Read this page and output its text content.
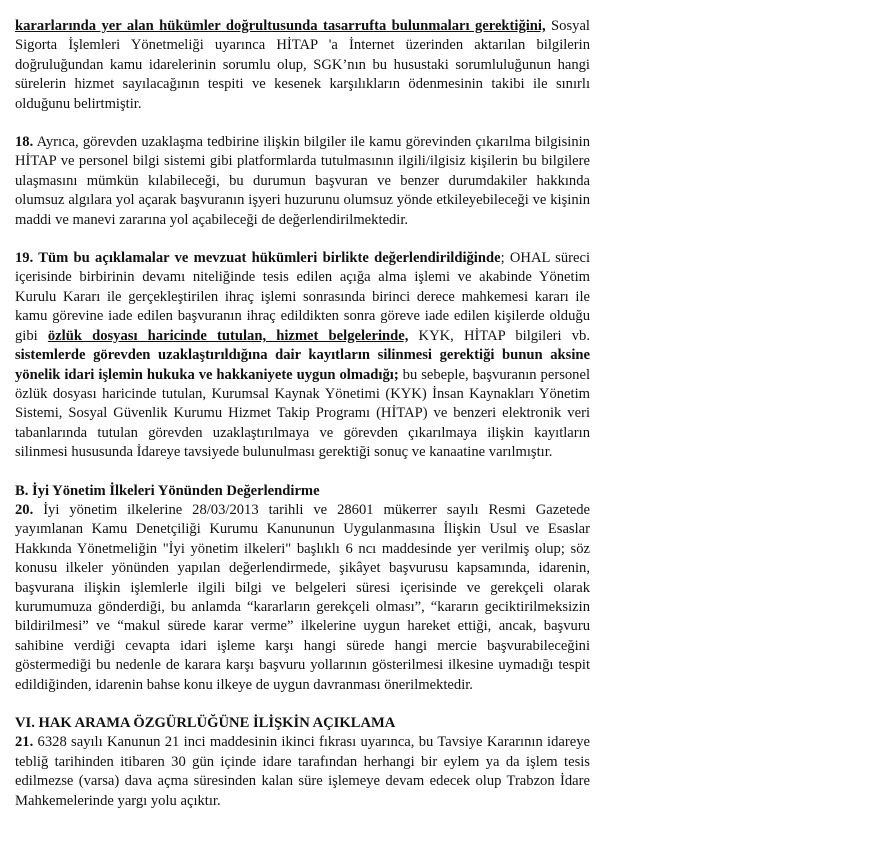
kararlarında yer alan hükümler doğrultusunda tasarrufta bulunmaları gerektiğini, Sosyal Sigorta İşlemleri Yönetmeliği uyarınca HİTAP 'a İnternet üzerinden aktarılan bilgilerin doğruluğundan kamu idarelerinin sorumlu olup, SGK’nın bu husustaki sorumluluğunun hangi sürelerin hizmet sayılacağının tespiti ve kesenek karşılıkların ödenmesinin takibi ile sınırlı olduğunu belirtmiştir.

18. Ayrıca, görevden uzaklaşma tedbirine ilişkin bilgiler ile kamu görevinden çıkarılma bilgisinin HİTAP ve personel bilgi sistemi gibi platformlarda tutulmasının ilgili/ilgisiz kişilerin bu bilgilere ulaşmasını mümkün kılabileceği, bu durumun başvuran ve benzer durumdakiler hakkında olumsuz algılara yol açarak başvuranın işyeri huzurunu olumsuz yönde etkileyebileceği ve kişinin maddi ve manevi zararına yol açabileceği de değerlendirilmektedir.

19. Tüm bu açıklamalar ve mevzuat hükümleri birlikte değerlendirildiğinde; OHAL süreci içerisinde birbirinin devamı niteliğinde tesis edilen açığa alma işlemi ve akabinde Yönetim Kurulu Kararı ile gerçekleştirilen ihraç işlemi sonrasında birinci derece mahkemesi kararı ile kamu görevine iade edilen başvuranın ihraç edildikten sonra göreve iade edilen kişilerde olduğu gibi özlük dosyası haricinde tutulan, hizmet belgelerinde, KYK, HİTAP bilgileri vb. sistemlerde görevden uzaklaştırıldığına dair kayıtların silinmesi gerektiği bunun aksine yönelik idari işlemin hukuka ve hakkaniyete uygun olmadığı; bu sebeple, başvuranın personel özlük dosyası haricinde tutulan, Kurumsal Kaynak Yönetimi (KYK) İnsan Kaynakları Yönetim Sistemi, Sosyal Güvenlik Kurumu Hizmet Takip Programı (HİTAP) ve benzeri elektronik veri tabanlarında tutulan görevden uzaklaştırılmaya ve görevden çıkarılmaya ilişkin kayıtların silinmesi hususunda İdareye tavsiyede bulunulması gerektiği sonuç ve kanaatine varılmıştır.

B. İyi Yönetim İlkeleri Yönünden Değerlendirme

20. İyi yönetim ilkelerine 28/03/2013 tarihli ve 28601 mükerrer sayılı Resmi Gazetede yayımlanan Kamu Denetçiliği Kurumu Kanununun Uygulanmasına İlişkin Usul ve Esaslar Hakkında Yönetmeliğin "İyi yönetim ilkeleri" başlıklı 6 ncı maddesinde yer verilmiş olup; söz konusu ilkeler yönünden yapılan değerlendirmede, şikâyet başvurusu kapsamında, idarenin, başvurana ilişkin işlemlerle ilgili bilgi ve belgeleri süresi içerisinde ve gerekçeli olarak kurumumuza gönderdiği, bu anlamda “kararların gerekçeli olması”, “kararın geciktirilmeksizin bildirilmesi” ve “makul sürede karar verme” ilkelerine uygun hareket ettiği, ancak, başvuru sahibine verdiği cevapta idari işleme karşı hangi sürede hangi mercie başvurabileceğini göstermediği bu nedenle de karara karşı başvuru yollarının gösterilmesi ilkesine uymadığı tespit edildiğinden, idarenin bahse konu ilkeye de uygun davranması önerilmektedir.

VI. HAK ARAMA ÖZGÜRLÜĞÜNE İLİŞKİN AÇIKLAMA

21. 6328 sayılı Kanunun 21 inci maddesinin ikinci fıkrası uyarınca, bu Tavsiye Kararının idareye tebliğ tarihinden itibaren 30 gün içinde idare tarafından herhangi bir eylem ya da işlem tesis edilmezse (varsa) dava açma süresinden kalan süre işlemeye devam edecek olup Trabzon İdare Mahkemelerinde yargı yolu açıktır.
